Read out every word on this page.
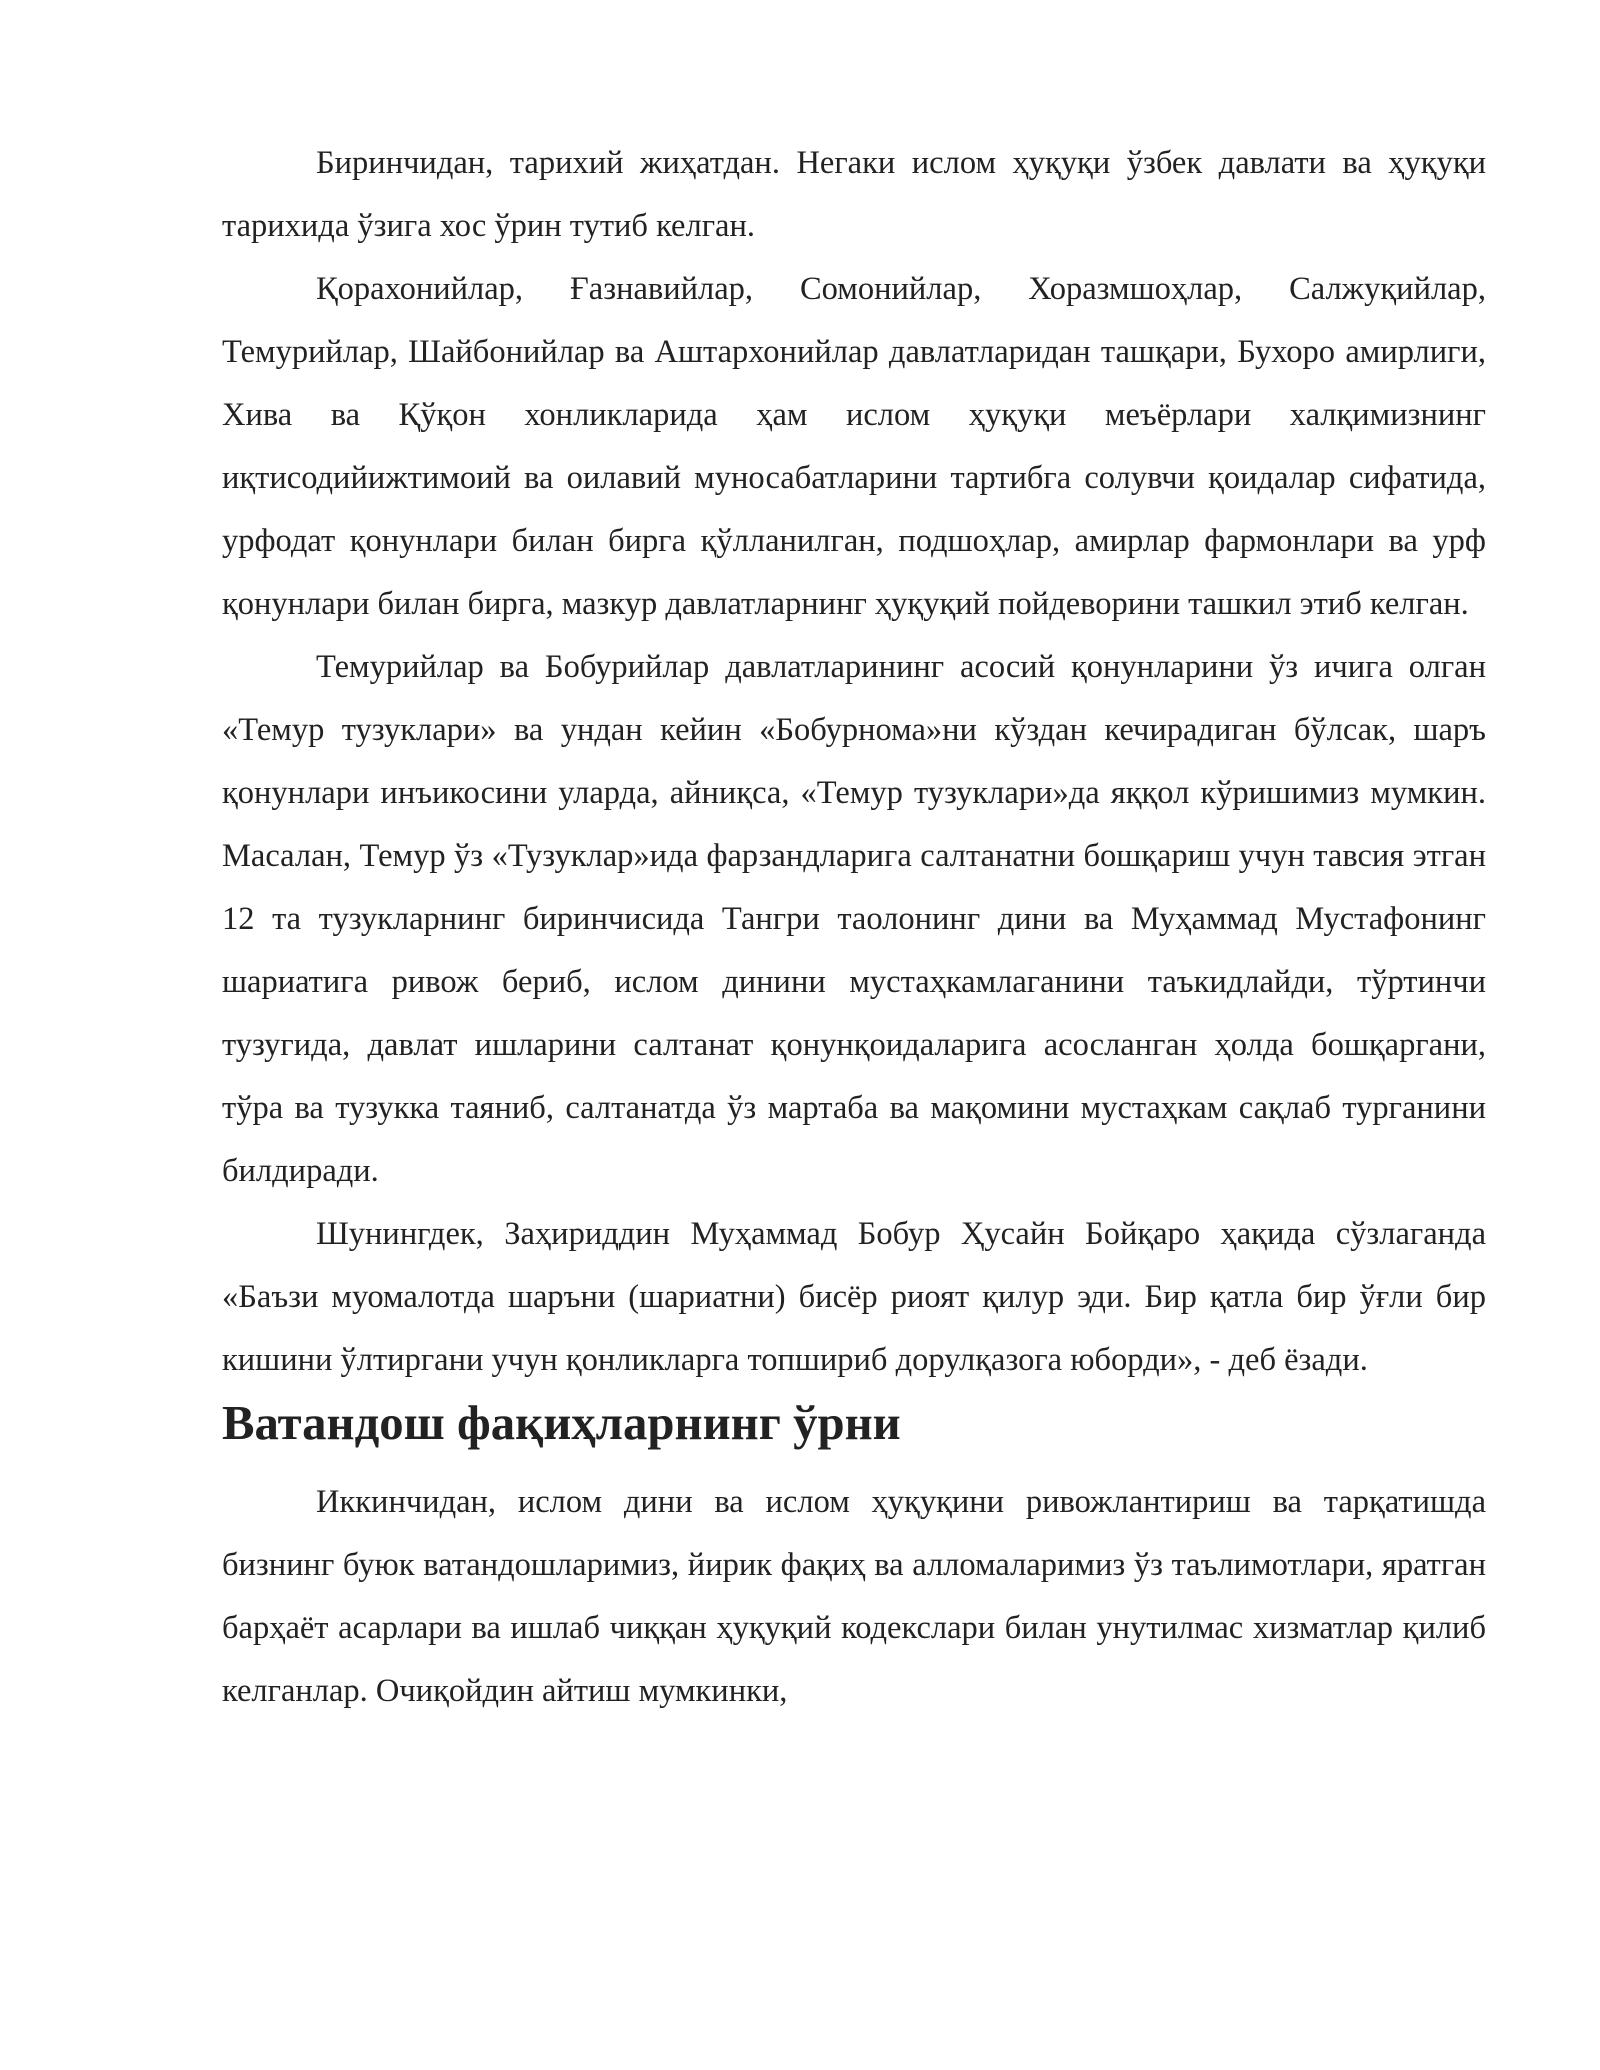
Биринчидан, тарихий жиҳатдан. Негаки ислом ҳуқуқи ўзбек давлати ва ҳуқуқи тарихида ўзига хос ўрин тутиб келган.

Қорахонийлар, Ғазнавийлар, Сомонийлар, Хоразмшоҳлар, Салжуқийлар, Темурийлар, Шайбонийлар ва Аштархонийлар давлатларидан ташқари, Бухоро амирлиги, Хива ва Қўқон хонликларида ҳам ислом ҳуқуқи меъёрлари халқимизнинг иқтисодийижтимоий ва оилавий муносабатларини тартибга солувчи қоидалар сифатида, урфодат қонунлари билан бирга қўлланилган, подшоҳлар, амирлар фармонлари ва урф қонунлари билан бирга, мазкур давлатларнинг ҳуқуқий пойдеворини ташкил этиб келган.

Темурийлар ва Бобурийлар давлатларининг асосий қонунларини ўз ичига олган «Темур тузуклари» ва ундан кейин «Бобурнома»ни кўздан кечирадиган бўлсак, шаръ қонунлари инъикосини уларда, айниқса, «Темур тузуклари»да яққол кўришимиз мумкин. Масалан, Темур ўз «Тузуклар»ида фарзандларига салтанатни бошқариш учун тавсия этган 12 та тузукларнинг биринчисида Тангри таолонинг дини ва Муҳаммад Мустафонинг шариатига ривож бериб, ислом динини мустаҳкамлаганини таъкидлайди, тўртинчи тузугида, давлат ишларини салтанат қонунқоидаларига асосланган ҳолда бошқаргани, тўра ва тузукка таяниб, салтанатда ўз мартаба ва мақомини мустаҳкам сақлаб турганини билдиради.

Шунингдек, Заҳириддин Муҳаммад Бобур Ҳусайн Бойқаро ҳақида сўзлаганда «Баъзи муомалотда шаръни (шариатни) бисёр риоят қилур эди. Бир қатла бир ўғли бир кишини ўлтиргани учун қонликларга топшириб дорулқазога юборди», - деб ёзади.

Ватандош фақиҳларнинг ўрни

Иккинчидан, ислом дини ва ислом ҳуқуқини ривожлантириш ва тарқатишда бизнинг буюк ватандошларимиз, йирик фақиҳ ва алломаларимиз ўз таълимотлари, яратган барҳаёт асарлари ва ишлаб чиққан ҳуқуқий кодекслари билан унутилмас хизматлар қилиб келганлар. Очиқойдин айтиш мумкинки,
